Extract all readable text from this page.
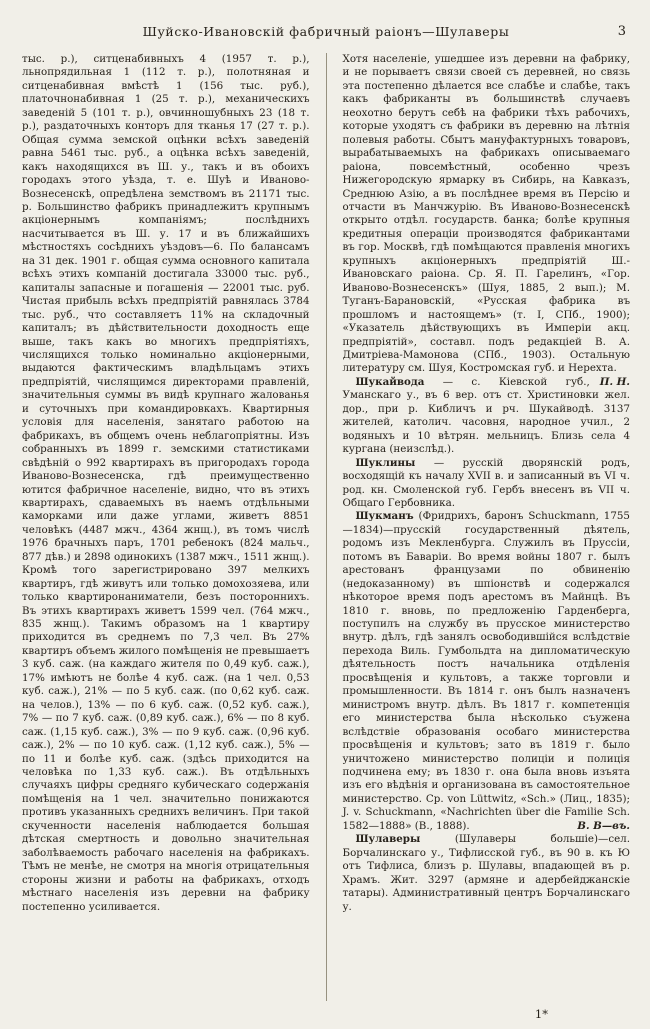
Шуйско-Ивановскій фабричный раіонъ—Шулаверы	3

тыс. р.), ситценабивныхъ 4 (1957 т. р.), льнопрядильная 1 (112 т. р.), полотняная и ситценабивная вмѣстѣ 1 (156 тыс. руб.), платочнонабивная 1 (25 т. р.), механическихъ заведеній 5 (101 т. р.), овчинношубныхъ 23 (18 т. р.), раздаточныхъ конторъ для тканья 17 (27 т. р.). Общая сумма земской оцѣнки всѣхъ заведеній равна 5461 тыс. руб., а оцѣнка всѣхъ заведеній, какъ находящихся въ Ш. у., такъ и въ обоихъ городахъ этого уѣзда, т. е. Шуѣ и Иваново-Вознесенскѣ, опредѣлена земствомъ въ 21171 тыс. р. Большинство фабрикъ принадлежитъ крупнымъ акціонернымъ компаніямъ; послѣднихъ насчитывается въ Ш. у. 17 и въ ближайшихъ мѣстностяхъ сосѣднихъ уѣздовъ—6. По балансамъ на 31 дек. 1901 г. общая сумма основного капитала всѣхъ этихъ компаній достигала 33000 тыс. руб., капиталы запасные и погашенія — 22001 тыс. руб. Чистая прибыль всѣхъ предпріятій равнялась 3784 тыс. руб., что составляетъ 11% на складочный капиталъ; въ дѣйствительности доходность еще выше, такъ какъ во многихъ предпріятіяхъ, числящихся только номинально акціонерными, выдаются фактическимъ владѣльцамъ этихъ предпріятій, числящимся директорами правленій, значительныя суммы въ видѣ крупнаго жалованья и суточныхъ при командировкахъ. Квартирныя условія для населенія, занятаго работою на фабрикахъ, въ общемъ очень неблагопріятны. Изъ собранныхъ въ 1899 г. земскими статистиками свѣдѣній о 992 квартирахъ въ пригородахъ города Иваново-Вознесенска, гдѣ преимущественно ютится фабричное населеніе, видно, что въ этихъ квартирахъ, сдаваемыхъ въ наемъ отдѣльными каморками или даже углами, живетъ 8851 человѣкъ (4487 мжч., 4364 жнщ.), въ томъ числѣ 1976 брачныхъ паръ, 1701 ребенокъ (824 мальч., 877 дѣв.) и 2898 одинокихъ (1387 мжч., 1511 жнщ.). Кромѣ того зарегистрировано 397 мелкихъ квартиръ, гдѣ живутъ или только домохозяева, или только квартиронаниматели, безъ постороннихъ. Въ этихъ квартирахъ живетъ 1599 чел. (764 мжч., 835 жнщ.). Такимъ образомъ на 1 квартиру приходится въ среднемъ по 7,3 чел. Въ 27% квартиръ объемъ жилого помѣщенія не превышаетъ 3 куб. саж. (на каждаго жителя по 0,49 куб. саж.), 17% имѣютъ не болѣе 4 куб. саж. (на 1 чел. 0,53 куб. саж.), 21% — по 5 куб. саж. (по 0,62 куб. саж. на челов.), 13% — по 6 куб. саж. (0,52 куб. саж.), 7% — по 7 куб. саж. (0,89 куб. саж.), 6% — по 8 куб. саж. (1,15 куб. саж.), 3% — по 9 куб. саж. (0,96 куб. саж.), 2% — по 10 куб. саж. (1,12 куб. саж.), 5% — по 11 и болѣе куб. саж. (здѣсь приходится на человѣка по 1,33 куб. саж.). Въ отдѣльныхъ случаяхъ цифры средняго кубическаго содержанія помѣщенія на 1 чел. значительно понижаются противъ указанныхъ среднихъ величинъ. При такой скученности населенія наблюдается большая дѣтская смертность и довольно значительная заболѣваемость рабочаго населенія на фабрикахъ. Тѣмъ не менѣе, не смотря на многія отрицательныя стороны жизни и работы на фабрикахъ, отходъ мѣстнаго населенія изъ деревни на фабрику постепенно усиливается.

Хотя населеніе, ушедшее изъ деревни на фабрику, и не порываетъ связи своей съ деревней, но связь эта постепенно дѣлается все слабѣе и слабѣе, такъ какъ фабриканты въ большинствѣ случаевъ неохотно берутъ себѣ на фабрики тѣхъ рабочихъ, которые уходятъ съ фабрики въ деревню на лѣтнія полевыя работы. Сбытъ мануфактурныхъ товаровъ, вырабатываемыхъ на фабрикахъ описываемаго раіона, повсемѣстный, особенно чрезъ Нижегородскую ярмарку въ Сибирь, на Кавказъ, Среднюю Азію, а въ послѣднее время въ Персію и отчасти въ Манчжурію. Въ Иваново-Вознесенскѣ открыто отдѣл. государств. банка; болѣе крупныя кредитныя операціи производятся фабрикантами въ гор. Москвѣ, гдѣ помѣщаются правленія многихъ крупныхъ акціонерныхъ предпріятій Ш.-Ивановскаго раіона. Ср. Я. П. Гарелинъ, «Гор. Иваново-Вознесенскъ» (Шуя, 1885, 2 вып.); М. Туганъ-Барановскій, «Русская фабрика въ прошломъ и настоящемъ» (т. I, СПб., 1900); «Указатель дѣйствующихъ въ Имперіи акц. предпріятій», составл. подъ редакціей В. А. Дмитріева-Мамонова (СПб., 1903). Остальную литературу см. Шуя, Костромская губ. и Нерехта.
П. Н.

Шукайвода — с. Кіевской губ., Уманскаго у., въ 6 вер. отъ ст. Христиновки жел. дор., при р. Кибличъ и рч. Шукайводѣ. 3137 жителей, католич. часовня, народное учил., 2 водяныхъ и 10 вѣтрян. мельницъ. Близь села 4 кургана (неизслѣд.).

Шуклины — русскій дворянскій родъ, восходящій къ началу XVII в. и записанный въ VI ч. род. кн. Смоленской губ. Гербъ внесенъ въ VII ч. Общаго Гербовника.

Шукманъ (Фридрихъ, баронъ Schuckmann, 1755—1834)—прусскій государственный дѣятель, родомъ изъ Мекленбурга. Служилъ въ Пруссіи, потомъ въ Баваріи. Во время войны 1807 г. былъ арестованъ французами по обвиненію (недоказанному) въ шпіонствѣ и содержался нѣкоторое время подъ арестомъ въ Майнцѣ. Въ 1810 г. вновь, по предложенію Гарденберга, поступилъ на службу въ прусское министерство внутр. дѣлъ, гдѣ занялъ освободившійся вслѣдствіе перехода Виль. Гумбольдта на дипломатическую дѣятельность постъ начальника отдѣленія просвѣщенія и культовъ, а также торговли и промышленности. Въ 1814 г. онъ былъ назначенъ министромъ внутр. дѣлъ. Въ 1817 г. компетенція его министерства была нѣсколько съужена вслѣдствіе образованія особаго министерства просвѣщенія и культовъ; зато въ 1819 г. было уничтожено министерство полиціи и полиція подчинена ему; въ 1830 г. она была вновь изъята изъ его вѣдѣнія и организована въ самостоятельное министерство. Ср. von Lüttwitz, «Sch.» (Лиц., 1835); J. v. Schuckmann, «Nachrichten über die Familie Sch. 1582—1888» (B., 1888).	В. В—въ.

Шулаверы	(Шулаверы большіе)—сел. Борчалинскаго у., Тифлисской губ., въ 90 в. къ Ю отъ Тифлиса, близъ р. Шулавы, впадающей въ р. Храмъ. Жит. 3297 (армяне и адербейджанскіе татары). Административный центръ Борчалинскаго у.

1*
